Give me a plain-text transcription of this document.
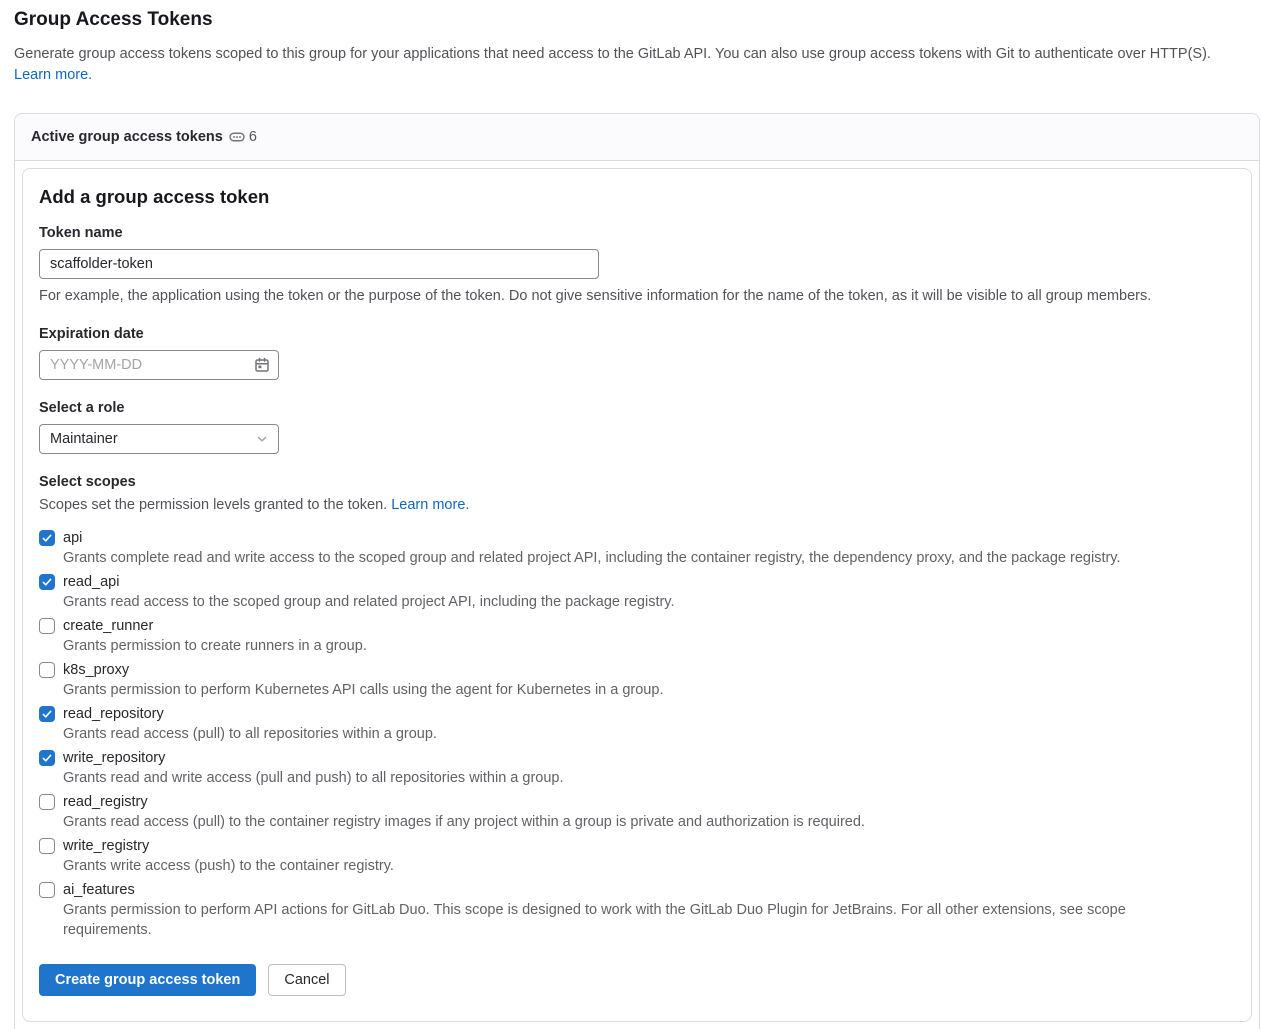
Group Access Tokens

Generate group access tokens scoped to this group for your applications that need access to the GitLab API. You can also use group access tokens with Git to authenticate over HTTP(S). Learn more.

Active group access tokens 6
Add a group access token
Token name
scaffolder-token
For example, the application using the token or the purpose of the token. Do not give sensitive information for the name of the token, as it will be visible to all group members.
Expiration date
YYYY-MM-DD
Select a role
Maintainer
Select scopes
Scopes set the permission levels granted to the token. Learn more.
api
Grants complete read and write access to the scoped group and related project API, including the container registry, the dependency proxy, and the package registry.
read_api
Grants read access to the scoped group and related project API, including the package registry.
create_runner
Grants permission to create runners in a group.
k8s_proxy
Grants permission to perform Kubernetes API calls using the agent for Kubernetes in a group.
read_repository
Grants read access (pull) to all repositories within a group.
write_repository
Grants read and write access (pull and push) to all repositories within a group.
read_registry
Grants read access (pull) to the container registry images if any project within a group is private and authorization is required.
write_registry
Grants write access (push) to the container registry.
ai_features
Grants permission to perform API actions for GitLab Duo. This scope is designed to work with the GitLab Duo Plugin for JetBrains. For all other extensions, see scope requirements.
Create group access token	Cancel
